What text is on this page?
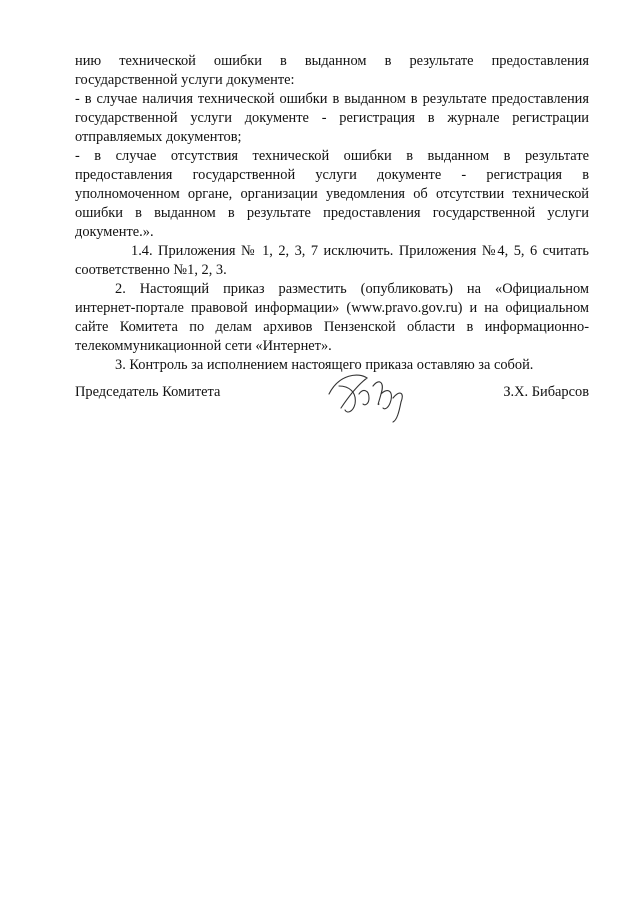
нию технической ошибки в выданном в результате предоставления государственной услуги документе:

- в случае наличия технической ошибки в выданном в результате предоставления государственной услуги документе - регистрация в журнале регистрации отправляемых документов;

- в случае отсутствия технической ошибки в выданном в результате предоставления государственной услуги документе - регистрация в уполномоченном органе, организации уведомления об отсутствии технической ошибки в выданном в результате предоставления государственной услуги документе.».

1.4. Приложения № 1, 2, 3, 7 исключить. Приложения №4, 5, 6 считать соответственно №1, 2, 3.

2. Настоящий приказ разместить (опубликовать) на «Официальном интернет-портале правовой информации» (www.pravo.gov.ru) и на официальном сайте Комитета по делам архивов Пензенской области в информационно-телекоммуникационной сети «Интернет».

3. Контроль за исполнением настоящего приказа оставляю за собой.

Председатель Комитета	З.Х. Бибарсов
